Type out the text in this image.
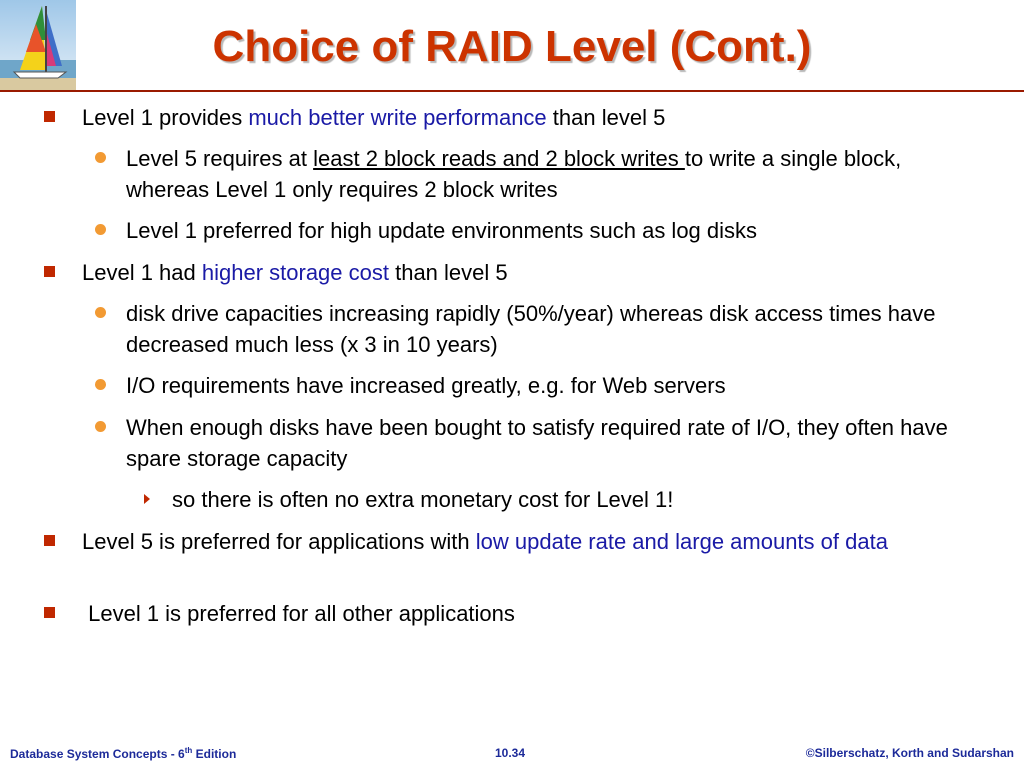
Choice of RAID Level (Cont.)
Level 1 provides much better write performance than level 5
Level 5 requires at least 2 block reads and 2 block writes to write a single block, whereas Level 1 only requires 2 block writes
Level 1 preferred for high update environments such as log disks
Level 1 had higher storage cost than level 5
disk drive capacities increasing rapidly (50%/year) whereas disk access times have decreased much less (x 3 in 10 years)
I/O requirements have increased greatly, e.g. for Web servers
When enough disks have been bought to satisfy required rate of I/O, they often have spare storage capacity
so there is often no extra monetary cost for Level 1!
Level 5 is preferred for applications with low update rate and large amounts of data
Level 1 is preferred for all other applications
Database System Concepts - 6th Edition	10.34	©Silberschatz, Korth and Sudarshan
